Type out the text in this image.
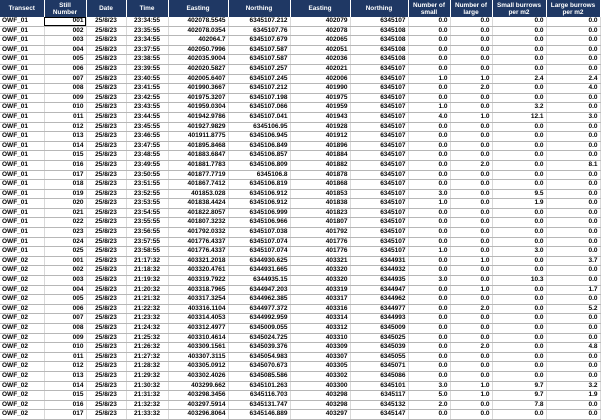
Transect	Still Number	Date	Time	Easting	Northing	Easting	Northing	Number of small	Number of large	Small burrows per m2	Large burrows per m2
OWF_01	001	25/8/23	23:34:55	402078.5545	6345107.212	402079	6345107	0.0	0.0	0.0	0.0
OWF_01	002	25/8/23	23:35:55	402078.0354	6345107.76	402078	6345108	0.0	0.0	0.0	0.0
OWF_01	003	25/8/23	23:34:55	402064.7	6345107.679	402065	6345108	0.0	0.0	0.0	0.0
OWF_01	004	25/8/23	23:37:55	402050.7996	6345107.587	402051	6345108	0.0	0.0	0.0	0.0
OWF_01	005	25/8/23	23:38:55	402035.9004	6345107.587	402036	6345108	0.0	0.0	0.0	0.0
OWF_01	006	25/8/23	23:39:55	402020.5827	6345107.257	402021	6345107	0.0	0.0	0.0	0.0
OWF_01	007	25/8/23	23:40:55	402005.6407	6345107.245	402006	6345107	1.0	1.0	2.4	2.4
OWF_01	008	25/8/23	23:41:55	401990.3667	6345107.212	401990	6345107	0.0	2.0	0.0	4.0
OWF_01	009	25/8/23	23:42:55	401975.3207	6345107.198	401975	6345107	0.0	0.0	0.0	0.0
OWF_01	010	25/8/23	23:43:55	401959.0304	6345107.066	401959	6345107	1.0	0.0	3.2	0.0
OWF_01	011	25/8/23	23:44:55	401942.9786	6345107.041	401943	6345107	4.0	1.0	12.1	3.0
OWF_01	012	25/8/23	23:45:55	401927.9829	6345106.95	401928	6345107	0.0	0.0	0.0	0.0
OWF_01	013	25/8/23	23:46:55	401911.8775	6345106.945	401912	6345107	0.0	0.0	0.0	0.0
OWF_01	014	25/8/23	23:47:55	401895.8468	6345106.849	401896	6345107	0.0	0.0	0.0	0.0
OWF_01	015	25/8/23	23:48:55	401883.6847	6345106.857	401884	6345107	0.0	0.0	0.0	0.0
OWF_01	016	25/8/23	23:49:55	401881.7783	6345106.809	401882	6345107	0.0	2.0	0.0	8.1
OWF_01	017	25/8/23	23:50:55	401877.7719	6345106.8	401878	6345107	0.0	0.0	0.0	0.0
OWF_01	018	25/8/23	23:51:55	401867.7412	6345106.819	401868	6345107	0.0	0.0	0.0	0.0
OWF_01	019	25/8/23	23:52:55	401853.028	6345106.912	401853	6345107	3.0	0.0	9.5	0.0
OWF_01	020	25/8/23	23:53:55	401838.4424	6345106.912	401838	6345107	1.0	0.0	1.9	0.0
OWF_01	021	25/8/23	23:54:55	401822.8057	6345106.999	401823	6345107	0.0	0.0	0.0	0.0
OWF_01	022	25/8/23	23:55:55	401807.3232	6345106.966	401807	6345107	0.0	0.0	0.0	0.0
OWF_01	023	25/8/23	23:56:55	401792.0332	6345107.038	401792	6345107	0.0	0.0	0.0	0.0
OWF_01	024	25/8/23	23:57:55	401776.4337	6345107.074	401776	6345107	0.0	0.0	0.0	0.0
OWF_01	025	25/8/23	23:58:55	401776.4337	6345107.074	401776	6345107	1.0	0.0	3.0	0.0
OWF_02	001	25/8/23	21:17:32	403321.2018	6344930.625	403321	6344931	0.0	1.0	0.0	3.7
OWF_02	002	25/8/23	21:18:32	403320.4761	6344931.665	403320	6344932	0.0	0.0	0.0	0.0
OWF_02	003	25/8/23	21:19:32	403319.7922	6344935.15	403320	6344935	3.0	0.0	10.3	0.0
OWF_02	004	25/8/23	21:20:32	403318.7965	6344947.203	403319	6344947	0.0	1.0	0.0	1.7
OWF_02	005	25/8/23	21:21:32	403317.3254	6344962.385	403317	6344962	0.0	0.0	0.0	0.0
OWF_02	006	25/8/23	21:22:32	403316.1104	6344977.372	403316	6344977	0.0	2.0	0.0	5.2
OWF_02	007	25/8/23	21:23:32	403314.4053	6344992.959	403314	6344993	0.0	0.0	0.0	0.0
OWF_02	008	25/8/23	21:24:32	403312.4977	6345009.055	403312	6345009	0.0	0.0	0.0	0.0
OWF_02	009	25/8/23	21:25:32	403310.4614	6345024.725	403310	6345025	0.0	0.0	0.0	0.0
OWF_02	010	25/8/23	21:26:32	403309.1561	6345039.376	403309	6345039	0.0	2.0	0.0	4.8
OWF_02	011	25/8/23	21:27:32	403307.3115	6345054.983	403307	6345055	0.0	0.0	0.0	0.0
OWF_02	012	25/8/23	21:28:32	403305.0912	6345070.673	403305	6345071	0.0	0.0	0.0	0.0
OWF_02	013	25/8/23	21:29:32	403302.4026	6345085.586	403302	6345086	0.0	0.0	0.0	0.0
OWF_02	014	25/8/23	21:30:32	403299.662	6345101.263	403300	6345101	3.0	1.0	9.7	3.2
OWF_02	015	25/8/23	21:31:32	403298.3456	6345116.703	403298	6345117	5.0	1.0	9.7	1.9
OWF_02	016	25/8/23	21:32:32	403297.5914	6345131.747	403298	6345132	2.0	0.0	7.8	0.0
OWF_02	017	25/8/23	21:33:32	403296.8064	6345146.889	403297	6345147	0.0	0.0	0.0	0.0
